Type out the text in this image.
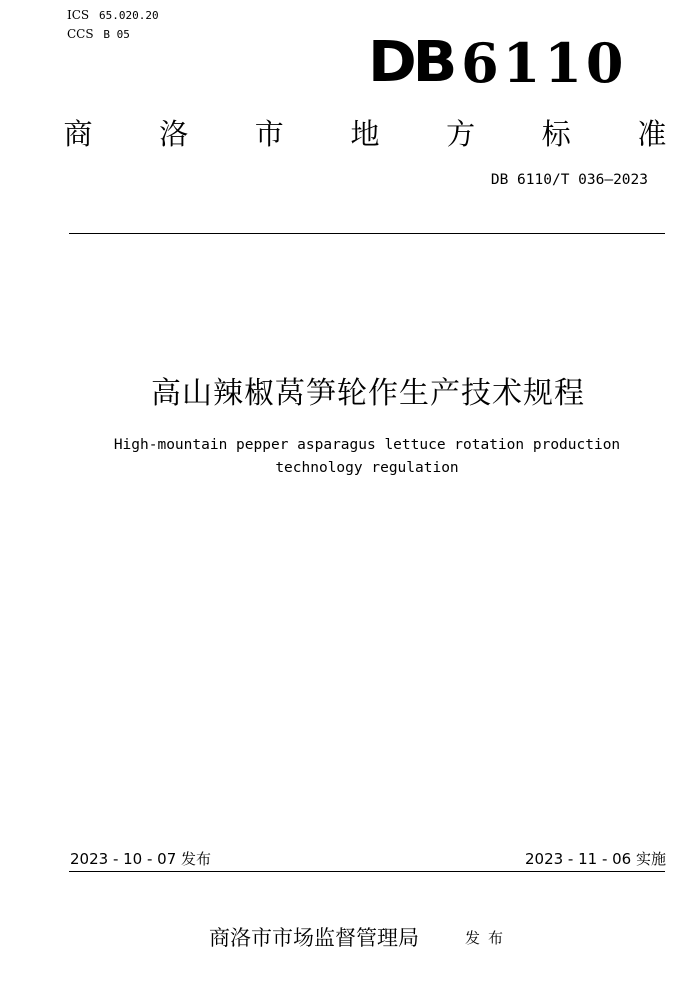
ICS 65.020.20
CCS B 05	DB 6110
商 洛 市 地 方 标 准
DB 6110/T 036—2023
高山辣椒莴笋轮作生产技术规程
High-mountain pepper asparagus lettuce rotation production technology regulation
2023 - 10 - 07 发布	2023 - 11 - 06 实施
商洛市市场监督管理局	发布
